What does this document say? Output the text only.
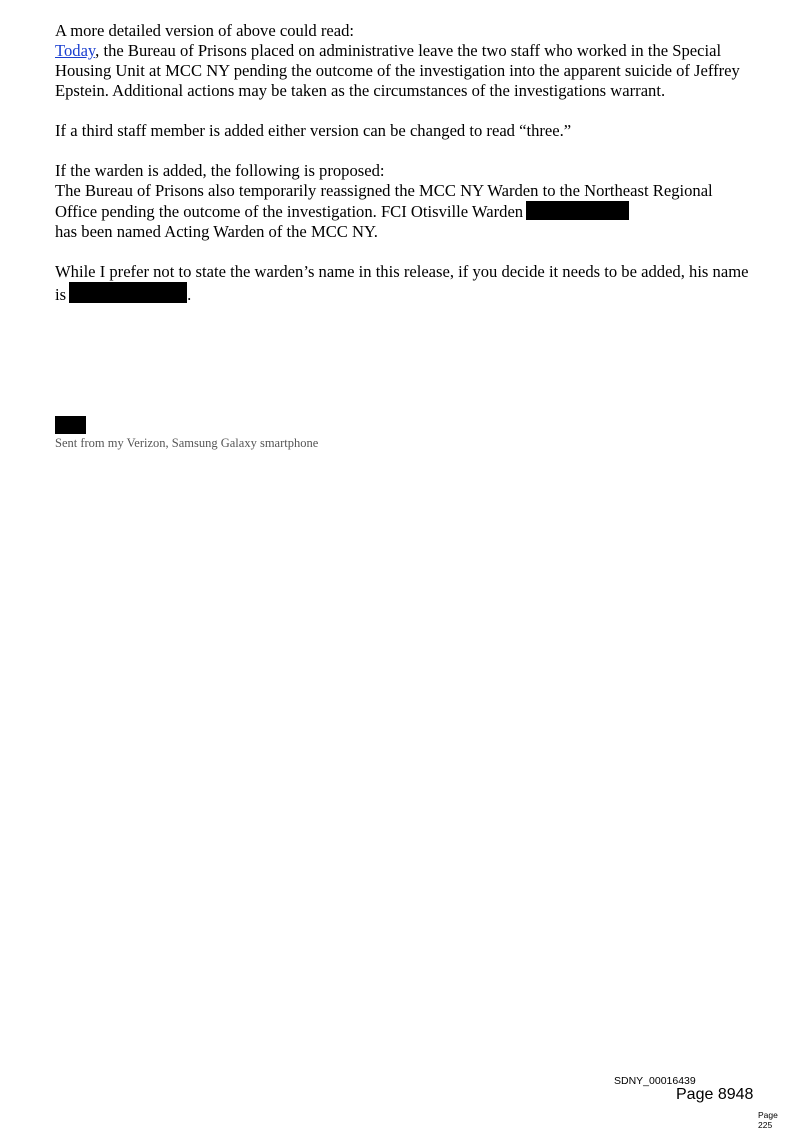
A more detailed version of above could read:
Today, the Bureau of Prisons placed on administrative leave the two staff who worked in the Special Housing Unit at MCC NY pending the outcome of the investigation into the apparent suicide of Jeffrey Epstein. Additional actions may be taken as the circumstances of the investigations warrant.

If a third staff member is added either version can be changed to read “three.”

If the warden is added, the following is proposed:
The Bureau of Prisons also temporarily reassigned the MCC NY Warden to the Northeast Regional Office pending the outcome of the investigation. FCI Otisville Warden
has been named Acting Warden of the MCC NY.

While I prefer not to state the warden’s name in this release, if you decide it needs to be added, his name is	.

Sent from my Verizon, Samsung Galaxy smartphone
SDNY_00016439
Page 8948
Page 225
